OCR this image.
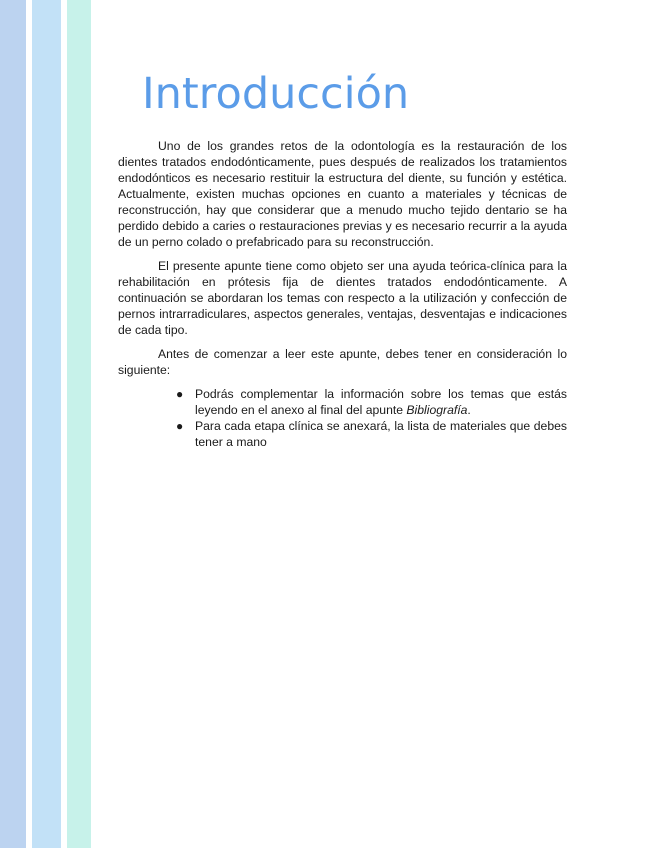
Introducción

Uno de los grandes retos de la odontología es la restauración de los dientes tratados endodónticamente, pues después de realizados los tratamientos endodónticos es necesario restituir la estructura del diente, su función y estética. Actualmente, existen muchas opciones en cuanto a materiales y técnicas de reconstrucción, hay que considerar que a menudo mucho tejido dentario se ha perdido debido a caries o restauraciones previas y es necesario recurrir a la ayuda de un perno colado o prefabricado para su reconstrucción.

El presente apunte tiene como objeto ser una ayuda teórica-clínica para la rehabilitación en prótesis fija de dientes tratados endodónticamente. A continuación se abordaran los temas con respecto a la utilización y confección de pernos intrarradiculares, aspectos generales, ventajas, desventajas e indicaciones de cada tipo.

Antes de comenzar a leer este apunte, debes tener en consideración lo siguiente:

● Podrás complementar la información sobre los temas que estás leyendo en el anexo al final del apunte Bibliografía.
● Para cada etapa clínica se anexará, la lista de materiales que debes tener a mano
